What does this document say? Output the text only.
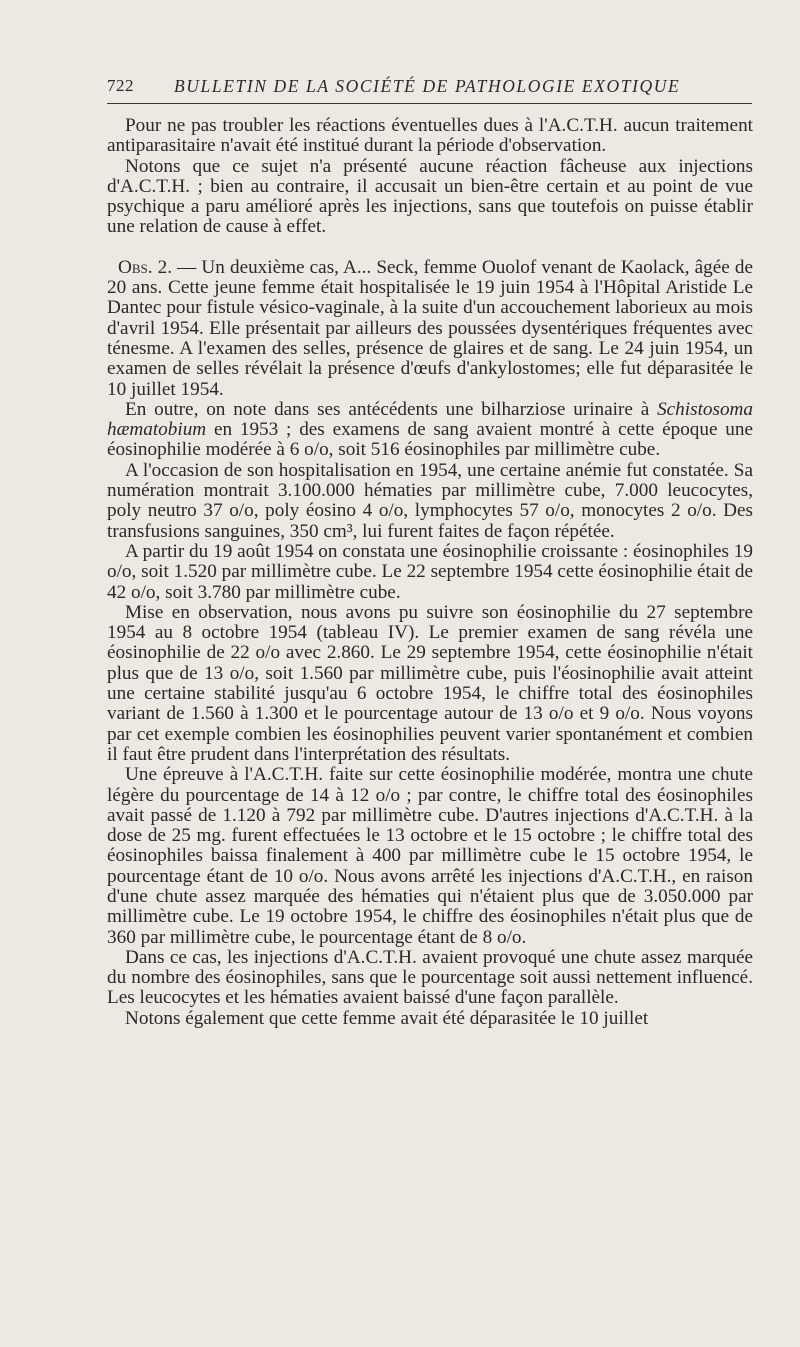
722 BULLETIN DE LA SOCIÉTÉ DE PATHOLOGIE EXOTIQUE

Pour ne pas troubler les réactions éventuelles dues à l'A.C.T.H. aucun traitement antiparasitaire n'avait été institué durant la période d'observation.

Notons que ce sujet n'a présenté aucune réaction fâcheuse aux injections d'A.C.T.H. ; bien au contraire, il accusait un bien-être certain et au point de vue psychique a paru amélioré après les injections, sans que toutefois on puisse établir une relation de cause à effet.

Obs. 2. — Un deuxième cas, A... Seck, femme Ouolof venant de Kaolack, âgée de 20 ans. Cette jeune femme était hospitalisée le 19 juin 1954 à l'Hôpital Aristide Le Dantec pour fistule vésico-vaginale, à la suite d'un accouchement laborieux au mois d'avril 1954. Elle présentait par ailleurs des poussées dysentériques fréquentes avec ténesme. A l'examen des selles, présence de glaires et de sang. Le 24 juin 1954, un examen de selles révélait la présence d'œufs d'ankylostomes; elle fut déparasitée le 10 juillet 1954.

En outre, on note dans ses antécédents une bilharziose urinaire à Schistosoma hæmatobium en 1953 ; des examens de sang avaient montré à cette époque une éosinophilie modérée à 6 o/o, soit 516 éosinophiles par millimètre cube.

A l'occasion de son hospitalisation en 1954, une certaine anémie fut constatée. Sa numération montrait 3.100.000 hématies par millimètre cube, 7.000 leucocytes, poly neutro 37 o/o, poly éosino 4 o/o, lymphocytes 57 o/o, monocytes 2 o/o. Des transfusions sanguines, 350 cm³, lui furent faites de façon répétée.

A partir du 19 août 1954 on constata une éosinophilie croissante : éosinophiles 19 o/o, soit 1.520 par millimètre cube. Le 22 septembre 1954 cette éosinophilie était de 42 o/o, soit 3.780 par millimètre cube.

Mise en observation, nous avons pu suivre son éosinophilie du 27 septembre 1954 au 8 octobre 1954 (tableau IV). Le premier examen de sang révéla une éosinophilie de 22 o/o avec 2.860. Le 29 septembre 1954, cette éosinophilie n'était plus que de 13 o/o, soit 1.560 par millimètre cube, puis l'éosinophilie avait atteint une certaine stabilité jusqu'au 6 octobre 1954, le chiffre total des éosinophiles variant de 1.560 à 1.300 et le pourcentage autour de 13 o/o et 9 o/o. Nous voyons par cet exemple combien les éosinophilies peuvent varier spontanément et combien il faut être prudent dans l'interprétation des résultats.

Une épreuve à l'A.C.T.H. faite sur cette éosinophilie modérée, montra une chute légère du pourcentage de 14 à 12 o/o ; par contre, le chiffre total des éosinophiles avait passé de 1.120 à 792 par millimètre cube. D'autres injections d'A.C.T.H. à la dose de 25 mg. furent effectuées le 13 octobre et le 15 octobre ; le chiffre total des éosinophiles baissa finalement à 400 par millimètre cube le 15 octobre 1954, le pourcentage étant de 10 o/o. Nous avons arrêté les injections d'A.C.T.H., en raison d'une chute assez marquée des hématies qui n'étaient plus que de 3.050.000 par millimètre cube. Le 19 octobre 1954, le chiffre des éosinophiles n'était plus que de 360 par millimètre cube, le pourcentage étant de 8 o/o.

Dans ce cas, les injections d'A.C.T.H. avaient provoqué une chute assez marquée du nombre des éosinophiles, sans que le pourcentage soit aussi nettement influencé. Les leucocytes et les hématies avaient baissé d'une façon parallèle.

Notons également que cette femme avait été déparasitée le 10 juillet
